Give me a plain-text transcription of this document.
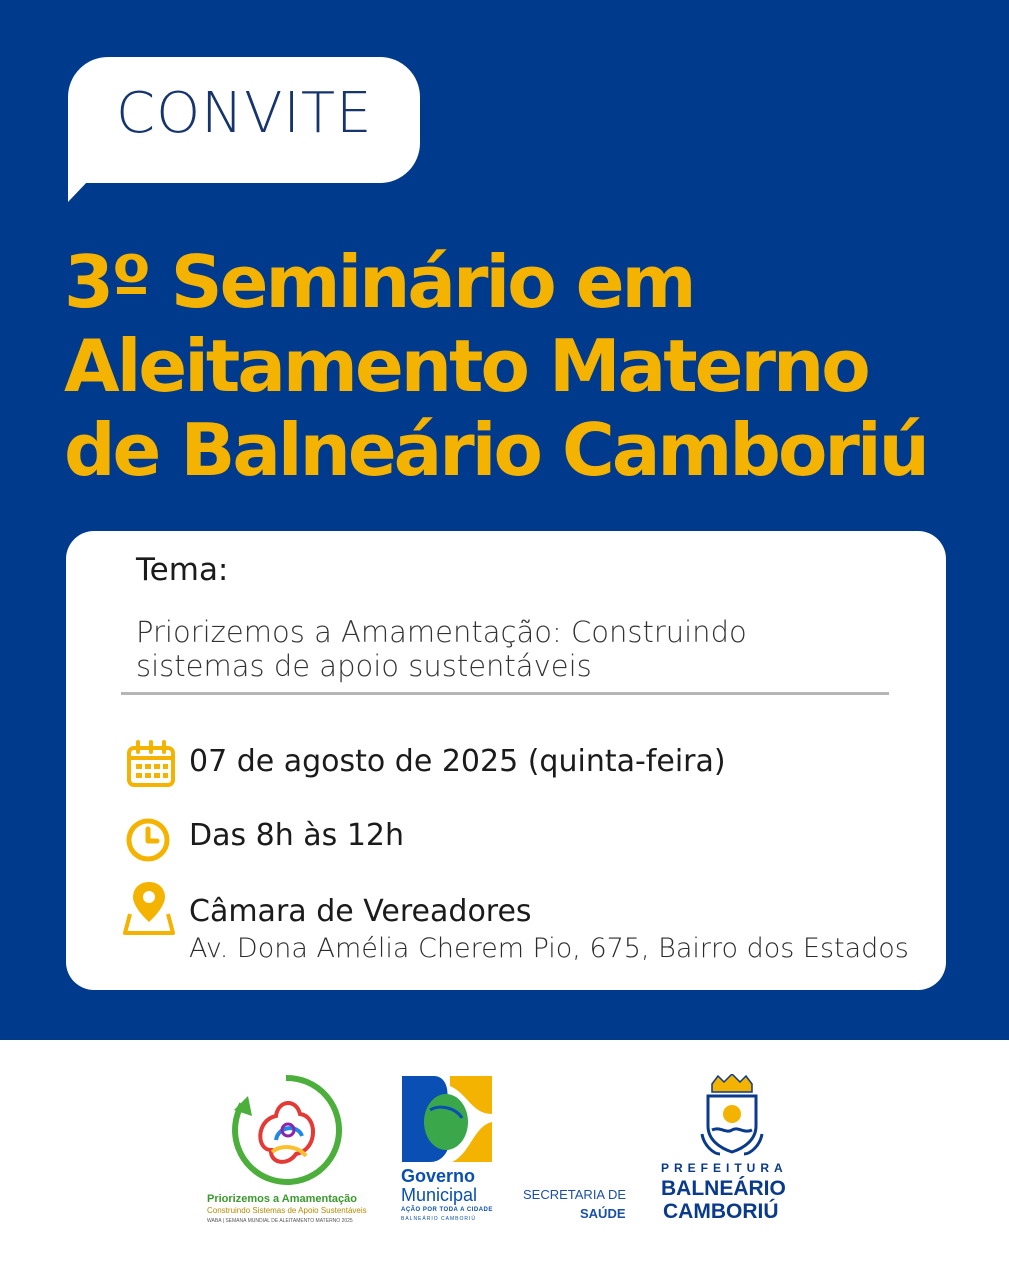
CONVITE
3º Seminário em
Aleitamento Materno
de Balneário Camboriú
Tema:
Priorizemos a Amamentação: Construindo
sistemas de apoio sustentáveis
07 de agosto de 2025 (quinta-feira)
Das 8h às 12h
Câmara de Vereadores
Av. Dona Amélia Cherem Pio, 675, Bairro dos Estados
Priorizemos a Amamentação
Construindo Sistemas de Apoio Sustentáveis
WABA | SEMANA MUNDIAL DE ALEITAMENTO MATERNO 2025
Governo
Municipal
AÇÃO POR TODA A CIDADE
BALNEÁRIO CAMBORIÚ
SECRETARIA DE
SAÚDE
PREFEITURA
BALNEÁRIO
CAMBORIÚ
